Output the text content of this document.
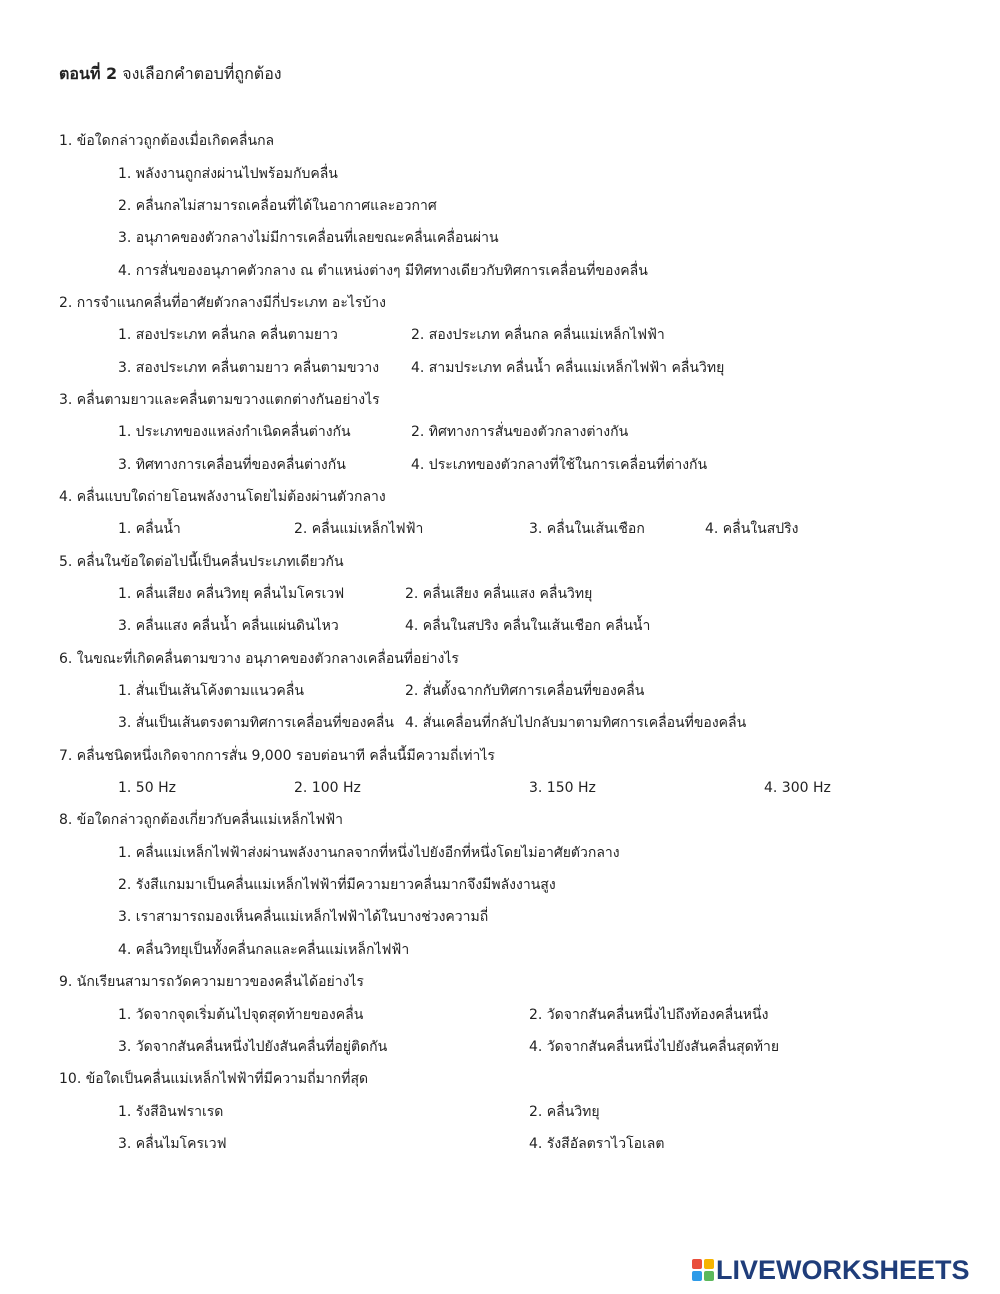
ตอนที่ 2 จงเลือกคำตอบที่ถูกต้อง
1. ข้อใดกล่าวถูกต้องเมื่อเกิดคลื่นกล
1. พลังงานถูกส่งผ่านไปพร้อมกับคลื่น
2. คลื่นกลไม่สามารถเคลื่อนที่ได้ในอากาศและอวกาศ
3. อนุภาคของตัวกลางไม่มีการเคลื่อนที่เลยขณะคลื่นเคลื่อนผ่าน
4. การสั่นของอนุภาคตัวกลาง ณ ตำแหน่งต่างๆ มีทิศทางเดียวกับทิศการเคลื่อนที่ของคลื่น
2. การจำแนกคลื่นที่อาศัยตัวกลางมีกี่ประเภท อะไรบ้าง
1. สองประเภท คลื่นกล คลื่นตามยาว	2. สองประเภท คลื่นกล คลื่นแม่เหล็กไฟฟ้า
3. สองประเภท คลื่นตามยาว คลื่นตามขวาง 4. สามประเภท คลื่นน้ำ คลื่นแม่เหล็กไฟฟ้า คลื่นวิทยุ
3. คลื่นตามยาวและคลื่นตามขวางแตกต่างกันอย่างไร
1. ประเภทของแหล่งกำเนิดคลื่นต่างกัน	2. ทิศทางการสั่นของตัวกลางต่างกัน
3. ทิศทางการเคลื่อนที่ของคลื่นต่างกัน	4. ประเภทของตัวกลางที่ใช้ในการเคลื่อนที่ต่างกัน
4. คลื่นแบบใดถ่ายโอนพลังงานโดยไม่ต้องผ่านตัวกลาง
1. คลื่นน้ำ	2. คลื่นแม่เหล็กไฟฟ้า	3. คลื่นในเส้นเชือก	4. คลื่นในสปริง
5. คลื่นในข้อใดต่อไปนี้เป็นคลื่นประเภทเดียวกัน
1. คลื่นเสียง คลื่นวิทยุ คลื่นไมโครเวฟ	2. คลื่นเสียง คลื่นแสง คลื่นวิทยุ
3. คลื่นแสง คลื่นน้ำ คลื่นแผ่นดินไหว	4. คลื่นในสปริง คลื่นในเส้นเชือก คลื่นน้ำ
6. ในขณะที่เกิดคลื่นตามขวาง อนุภาคของตัวกลางเคลื่อนที่อย่างไร
1. สั่นเป็นเส้นโค้งตามแนวคลื่น	2. สั่นตั้งฉากกับทิศการเคลื่อนที่ของคลื่น
3. สั่นเป็นเส้นตรงตามทิศการเคลื่อนที่ของคลื่น 4. สั่นเคลื่อนที่กลับไปกลับมาตามทิศการเคลื่อนที่ของคลื่น
7. คลื่นชนิดหนึ่งเกิดจากการสั่น 9,000 รอบต่อนาที คลื่นนี้มีความถี่เท่าไร
1. 50 Hz	2. 100 Hz	3. 150 Hz	4. 300 Hz
8. ข้อใดกล่าวถูกต้องเกี่ยวกับคลื่นแม่เหล็กไฟฟ้า
1. คลื่นแม่เหล็กไฟฟ้าส่งผ่านพลังงานกลจากที่หนึ่งไปยังอีกที่หนึ่งโดยไม่อาศัยตัวกลาง
2. รังสีแกมมาเป็นคลื่นแม่เหล็กไฟฟ้าที่มีความยาวคลื่นมากจึงมีพลังงานสูง
3. เราสามารถมองเห็นคลื่นแม่เหล็กไฟฟ้าได้ในบางช่วงความถี่
4. คลื่นวิทยุเป็นทั้งคลื่นกลและคลื่นแม่เหล็กไฟฟ้า
9. นักเรียนสามารถวัดความยาวของคลื่นได้อย่างไร
1. วัดจากจุดเริ่มต้นไปจุดสุดท้ายของคลื่น	2. วัดจากสันคลื่นหนึ่งไปถึงท้องคลื่นหนึ่ง
3. วัดจากสันคลื่นหนึ่งไปยังสันคลื่นที่อยู่ติดกัน	4. วัดจากสันคลื่นหนึ่งไปยังสันคลื่นสุดท้าย
10. ข้อใดเป็นคลื่นแม่เหล็กไฟฟ้าที่มีความถี่มากที่สุด
1. รังสีอินฟราเรด	2. คลื่นวิทยุ
3. คลื่นไมโครเวฟ	4. รังสีอัลตราไวโอเลต
LIVEWORKSHEETS
